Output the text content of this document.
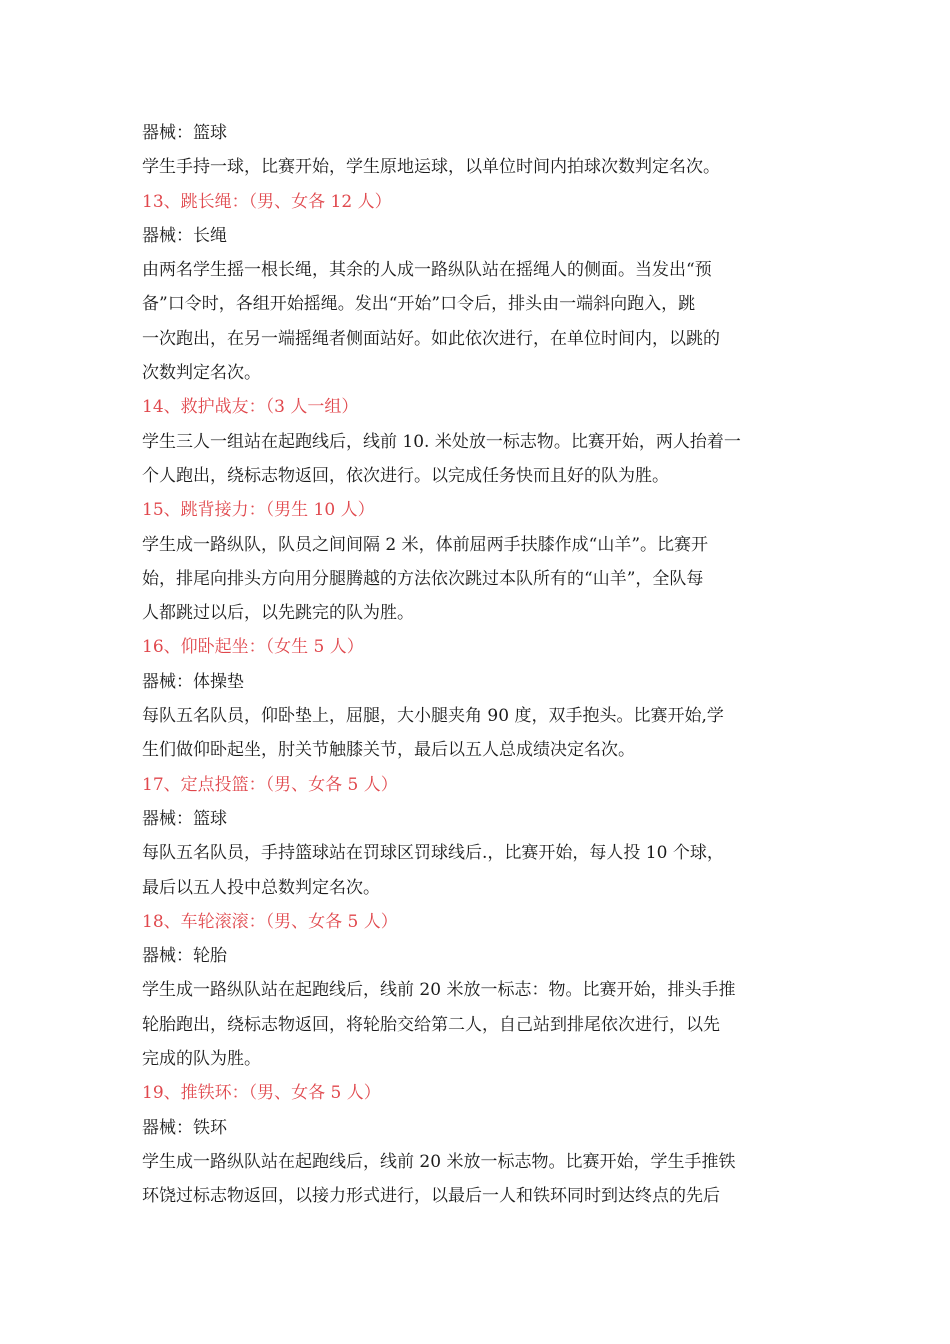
器械：篮球
学生手持一球，比赛开始，学生原地运球，以单位时间内拍球次数判定名次。
13、跳长绳：（男、女各 12 人）
器械：长绳
由两名学生摇一根长绳，其余的人成一路纵队站在摇绳人的侧面。当发出“预
备”口令时，各组开始摇绳。发出“开始”口令后，排头由一端斜向跑入，跳
一次跑出，在另一端摇绳者侧面站好。如此依次进行，在单位时间内，以跳的
次数判定名次。
14、救护战友：（3 人一组）
学生三人一组站在起跑线后，线前 10. 米处放一标志物。比赛开始，两人抬着一
个人跑出，绕标志物返回，依次进行。以完成任务快而且好的队为胜。
15、跳背接力：（男生 10 人）
学生成一路纵队，队员之间间隔 2 米，体前屈两手扶膝作成“山羊”。比赛开
始，排尾向排头方向用分腿腾越的方法依次跳过本队所有的“山羊”，全队每
人都跳过以后，以先跳完的队为胜。
16、仰卧起坐：（女生 5 人）
器械：体操垫
每队五名队员，仰卧垫上，屈腿，大小腿夹角 90 度，双手抱头。比赛开始,学
生们做仰卧起坐，肘关节触膝关节，最后以五人总成绩决定名次。
17、定点投篮：（男、女各 5 人）
器械：篮球
每队五名队员，手持篮球站在罚球区罚球线后.，比赛开始，每人投 10 个球，
最后以五人投中总数判定名次。
18、车轮滚滚：（男、女各 5 人）
器械：轮胎
学生成一路纵队站在起跑线后，线前 20 米放一标志：物。比赛开始，排头手推
轮胎跑出，绕标志物返回，将轮胎交给第二人，自己站到排尾依次进行，以先
完成的队为胜。
19、推铁环：（男、女各 5 人）
器械：铁环
学生成一路纵队站在起跑线后，线前 20 米放一标志物。比赛开始，学生手推铁
环饶过标志物返回，以接力形式进行，以最后一人和铁环同时到达终点的先后
